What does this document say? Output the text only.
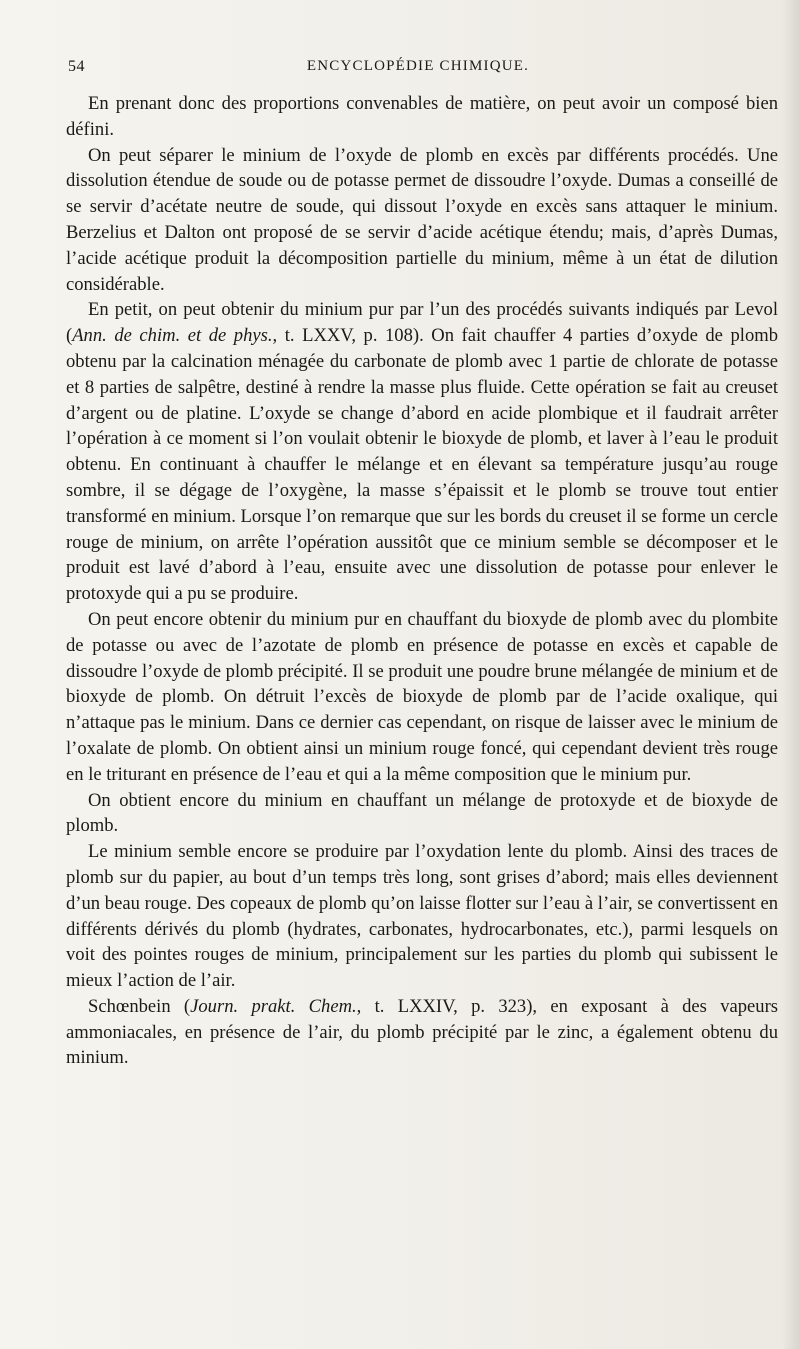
54	ENCYCLOPÉDIE CHIMIQUE.

En prenant donc des proportions convenables de matière, on peut avoir un composé bien défini.

On peut séparer le minium de l’oxyde de plomb en excès par différents procédés. Une dissolution étendue de soude ou de potasse permet de dissoudre l’oxyde. Dumas a conseillé de se servir d’acétate neutre de soude, qui dissout l’oxyde en excès sans attaquer le minium. Berzelius et Dalton ont proposé de se servir d’acide acétique étendu; mais, d’après Dumas, l’acide acétique produit la décomposition partielle du minium, même à un état de dilution considérable.

En petit, on peut obtenir du minium pur par l’un des procédés suivants indiqués par Levol (Ann. de chim. et de phys., t. LXXV, p. 108). On fait chauffer 4 parties d’oxyde de plomb obtenu par la calcination ménagée du carbonate de plomb avec 1 partie de chlorate de potasse et 8 parties de salpêtre, destiné à rendre la masse plus fluide. Cette opération se fait au creuset d’argent ou de platine. L’oxyde se change d’abord en acide plombique et il faudrait arrêter l’opération à ce moment si l’on voulait obtenir le bioxyde de plomb, et laver à l’eau le produit obtenu. En continuant à chauffer le mélange et en élevant sa température jusqu’au rouge sombre, il se dégage de l’oxygène, la masse s’épaissit et le plomb se trouve tout entier transformé en minium. Lorsque l’on remarque que sur les bords du creuset il se forme un cercle rouge de minium, on arrête l’opération aussitôt que ce minium semble se décomposer et le produit est lavé d’abord à l’eau, ensuite avec une dissolution de potasse pour enlever le protoxyde qui a pu se produire.

On peut encore obtenir du minium pur en chauffant du bioxyde de plomb avec du plombite de potasse ou avec de l’azotate de plomb en présence de potasse en excès et capable de dissoudre l’oxyde de plomb précipité. Il se produit une poudre brune mélangée de minium et de bioxyde de plomb. On détruit l’excès de bioxyde de plomb par de l’acide oxalique, qui n’attaque pas le minium. Dans ce dernier cas cependant, on risque de laisser avec le minium de l’oxalate de plomb. On obtient ainsi un minium rouge foncé, qui cependant devient très rouge en le triturant en présence de l’eau et qui a la même composition que le minium pur.

On obtient encore du minium en chauffant un mélange de protoxyde et de bioxyde de plomb.

Le minium semble encore se produire par l’oxydation lente du plomb. Ainsi des traces de plomb sur du papier, au bout d’un temps très long, sont grises d’abord; mais elles deviennent d’un beau rouge. Des copeaux de plomb qu’on laisse flotter sur l’eau à l’air, se convertissent en différents dérivés du plomb (hydrates, carbonates, hydrocarbonates, etc.), parmi lesquels on voit des pointes rouges de minium, principalement sur les parties du plomb qui subissent le mieux l’action de l’air.

Schœnbein (Journ. prakt. Chem., t. LXXIV, p. 323), en exposant à des vapeurs ammoniacales, en présence de l’air, du plomb précipité par le zinc, a également obtenu du minium.
